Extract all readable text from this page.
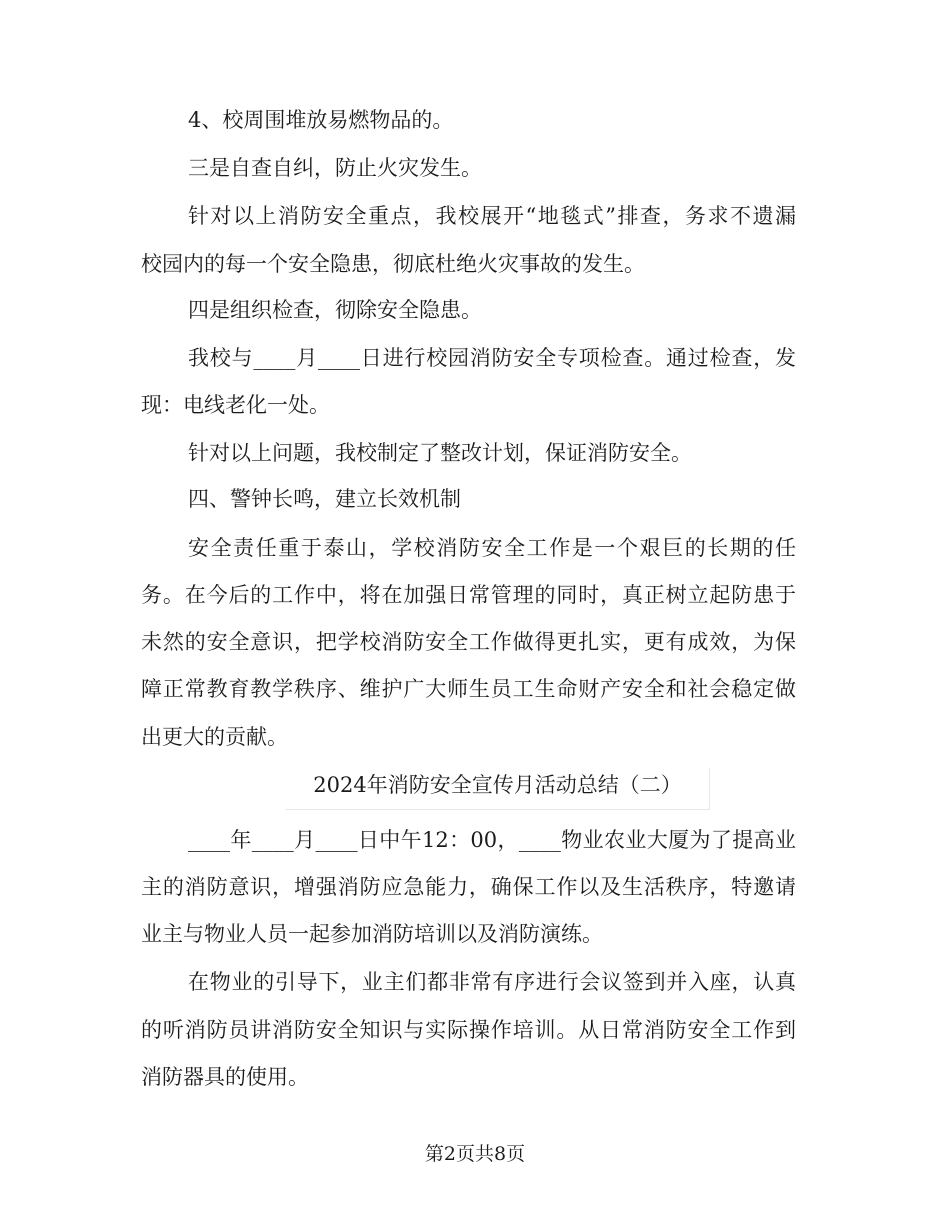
4、校周围堆放易燃物品的。
三是自查自纠，防止火灾发生。
针对以上消防安全重点，我校展开“地毯式”排查，务求不遗漏
校园内的每一个安全隐患，彻底杜绝火灾事故的发生。
四是组织检查，彻除安全隐患。
我校与____月____日进行校园消防安全专项检查。通过检查，发
现：电线老化一处。
针对以上问题，我校制定了整改计划，保证消防安全。
四、警钟长鸣，建立长效机制
安全责任重于泰山，学校消防安全工作是一个艰巨的长期的任
务。在今后的工作中，将在加强日常管理的同时，真正树立起防患于
未然的安全意识，把学校消防安全工作做得更扎实，更有成效，为保
障正常教育教学秩序、维护广大师生员工生命财产安全和社会稳定做
出更大的贡献。
2024年消防安全宣传月活动总结（二）
____年____月____日中午12：00，____物业农业大厦为了提高业
主的消防意识，增强消防应急能力，确保工作以及生活秩序，特邀请
业主与物业人员一起参加消防培训以及消防演练。
在物业的引导下，业主们都非常有序进行会议签到并入座，认真
的听消防员讲消防安全知识与实际操作培训。从日常消防安全工作到
消防器具的使用。
第2页共8页
